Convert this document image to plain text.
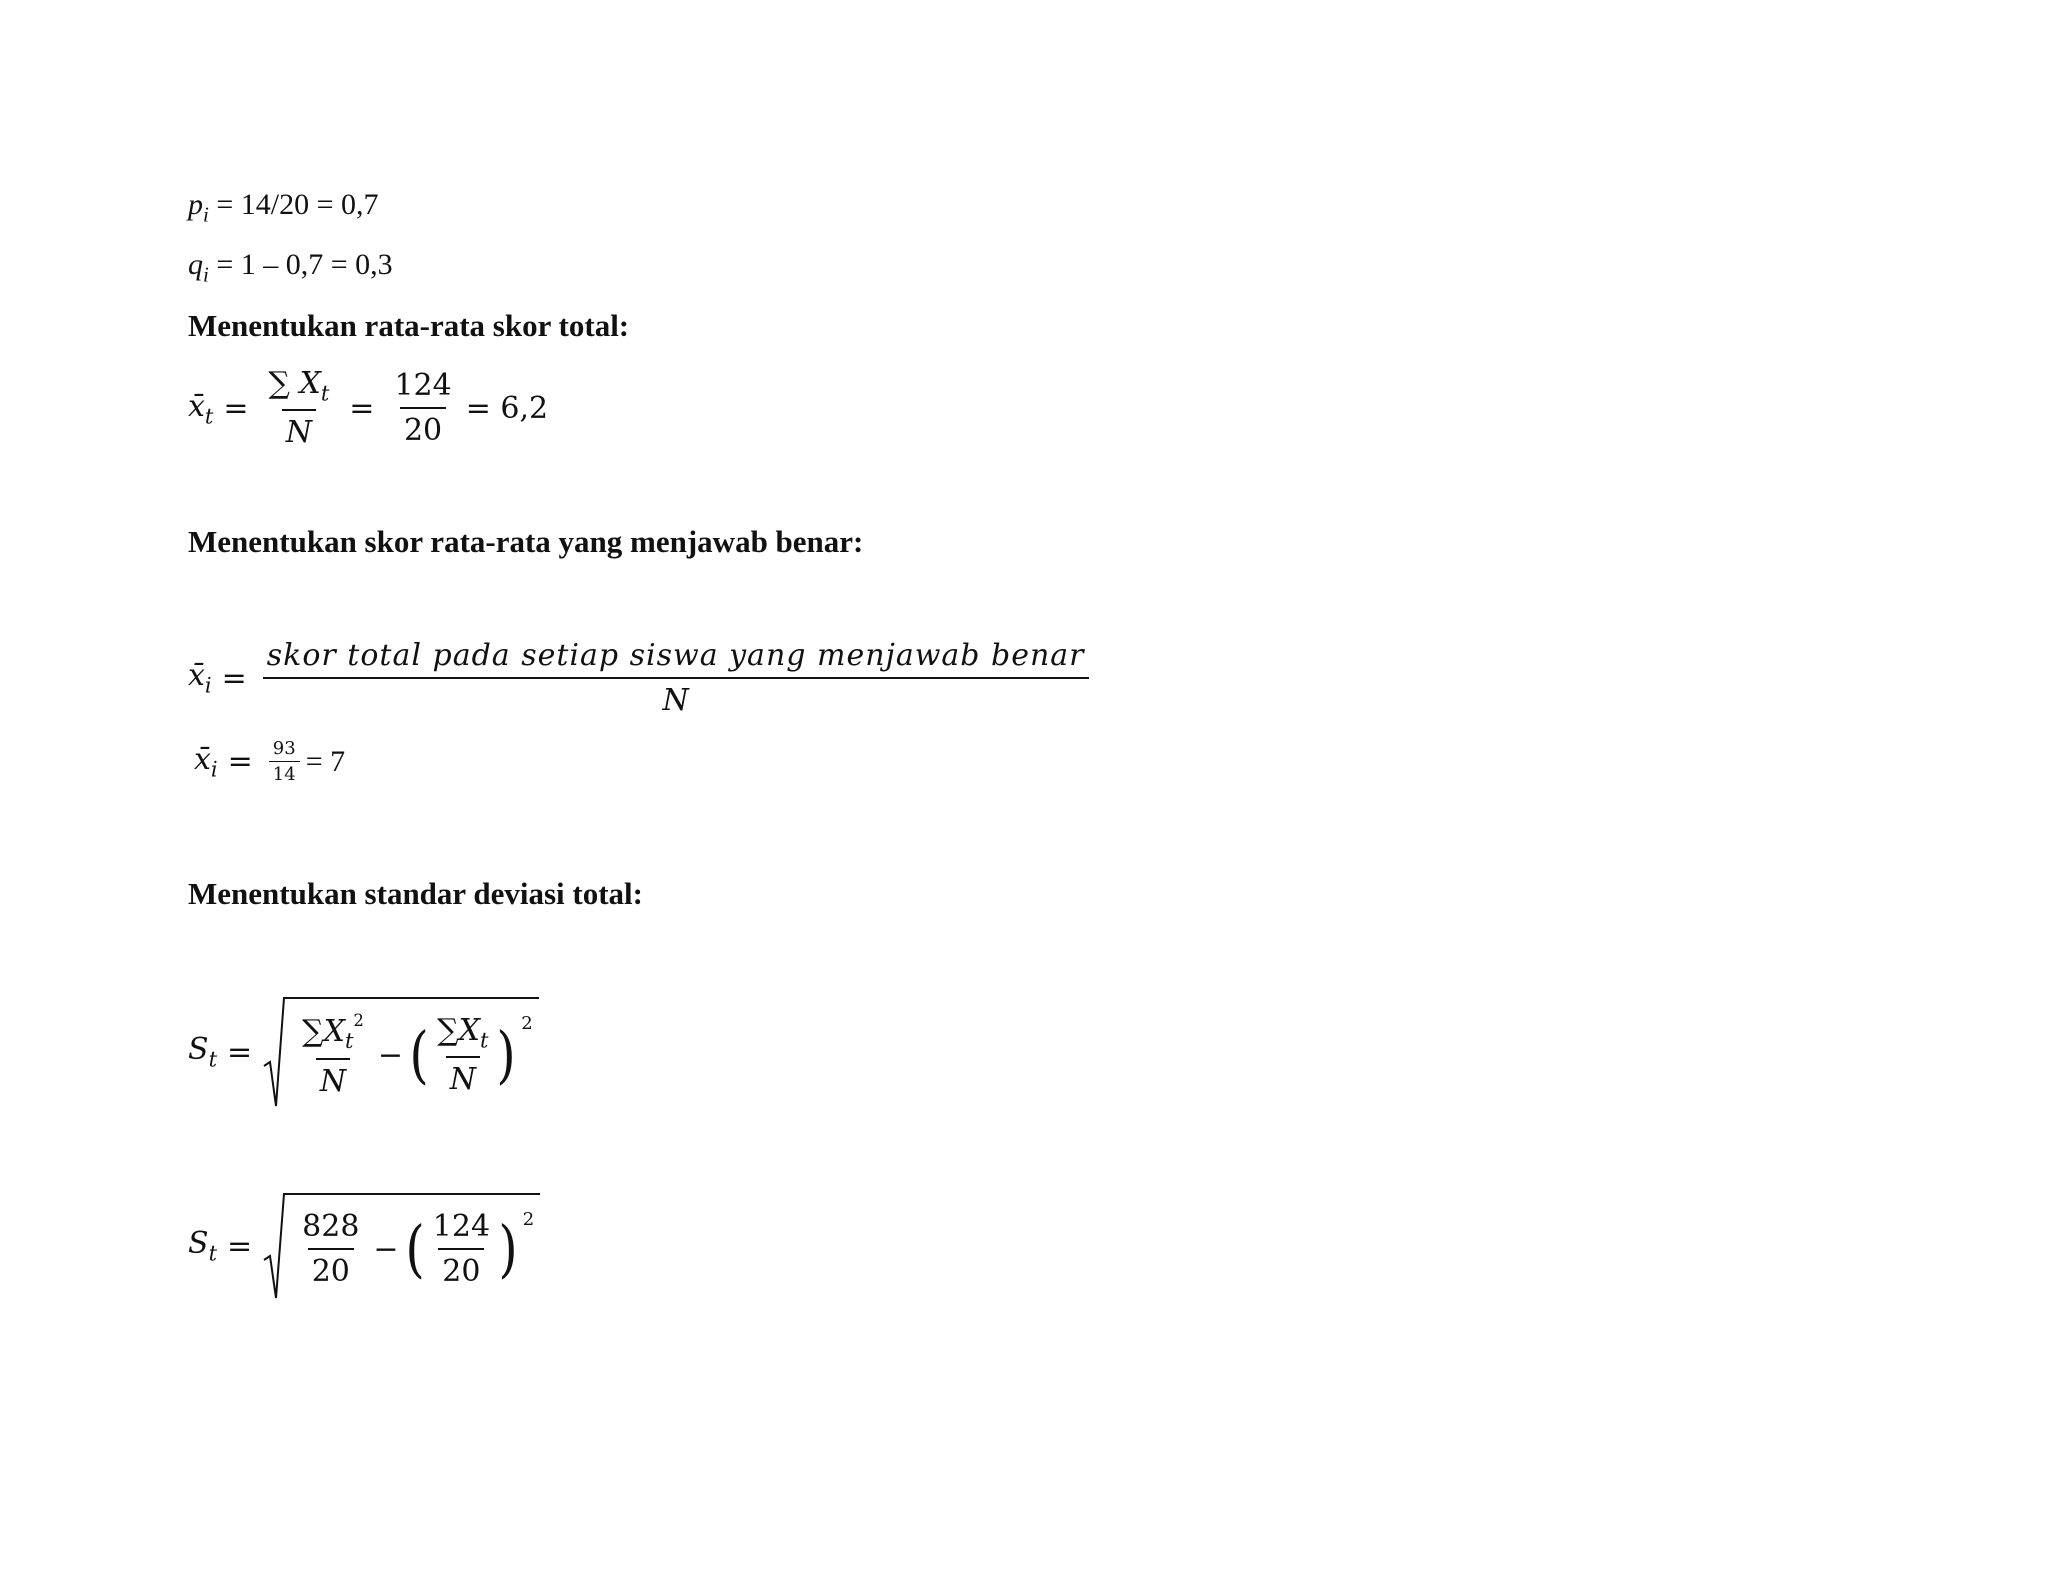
$p_i = 14/20 = 0,7$
$q_i = 1 - 0,7 = 0,3$
Menentukan rata-rata skor total:
$x̄_t = \frac{\sum X_t}{N} = \frac{124}{20} = 6,2$
Menentukan skor rata-rata yang menjawab benar:
$x̄_i = \frac{\text{skor total pada setiap siswa yang menjawab benar}}{N}$
$x̄_i = \frac{93}{14} = 7$
Menentukan standar deviasi total:
$S_t$ =	$\frac{\sum X_t^2}{N}$ − ( $\frac{\sum X_t}{N}$ ) 2
$S_t$ =	$\frac{828}{20}$ − ( $\frac{124}{20}$ ) 2
